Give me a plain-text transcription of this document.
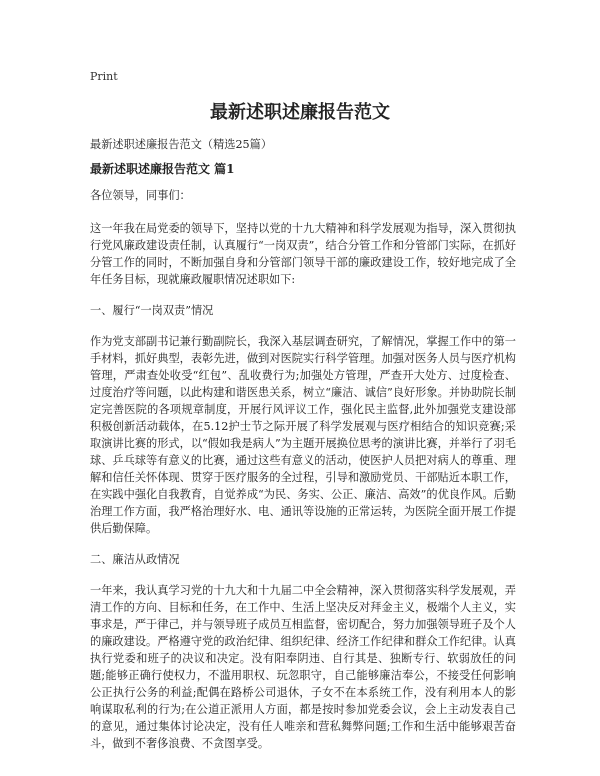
Print
最新述职述廉报告范文

最新述职述廉报告范文（精选25篇）

最新述职述廉报告范文 篇1

各位领导，同事们：

这一年我在局党委的领导下，坚持以党的十九大精神和科学发展观为指导，深入贯彻执行党风廉政建设责任制，认真履行“一岗双责”，结合分管工作和分管部门实际，在抓好分管工作的同时，不断加强自身和分管部门领导干部的廉政建设工作，较好地完成了全年任务目标，现就廉政履职情况述职如下:

一、履行“一岗双责”情况

作为党支部副书记兼行勤副院长，我深入基层调查研究，了解情况，掌握工作中的第一手材料，抓好典型，表彰先进，做到对医院实行科学管理。加强对医务人员与医疗机构管理，严肃查处收受“红包”、乱收费行为;加强处方管理，严查开大处方、过度检查、过度治疗等问题，以此构建和谐医患关系，树立“廉洁、诚信”良好形象。并协助院长制定完善医院的各项规章制度，开展行风评议工作，强化民主监督,此外加强党支建设部积极创新活动载体，在5.12护士节之际开展了科学发展观与医疗相结合的知识竞赛;采取演讲比赛的形式，以“假如我是病人”为主题开展换位思考的演讲比赛，并举行了羽毛球、乒乓球等有意义的比赛，通过这些有意义的活动，使医护人员把对病人的尊重、理解和信任关怀体现、贯穿于医疗服务的全过程，引导和激励党员、干部贴近本职工作，在实践中强化自我教育，自觉养成“为民、务实、公正、廉洁、高效”的优良作风。后勤治理工作方面，我严格治理好水、电、通讯等设施的正常运转，为医院全面开展工作提供后勤保障。

二、廉洁从政情况

一年来，我认真学习党的十九大和十九届二中全会精神，深入贯彻落实科学发展观，弄清工作的方向、目标和任务，在工作中、生活上坚决反对拜金主义，极端个人主义，实事求是，严于律己，并与领导班子成员互相监督，密切配合，努力加强领导班子及个人的廉政建设。严格遵守党的政治纪律、组织纪律、经济工作纪律和群众工作纪律。认真执行党委和班子的决议和决定。没有阳奉阴违、自行其是、独断专行、软弱放任的问题;能够正确行使权力，不滥用职权、玩忽职守，自己能够廉洁奉公，不接受任何影响公正执行公务的利益;配偶在路桥公司退休，子女不在本系统工作，没有利用本人的影响谋取私利的行为;在公道正派用人方面，都是按时参加党委会议，会上主动发表自己的意见，通过集体讨论决定，没有任人唯亲和营私舞弊问题;工作和生活中能够艰苦奋斗，做到不奢侈浪费、不贪图享受。
